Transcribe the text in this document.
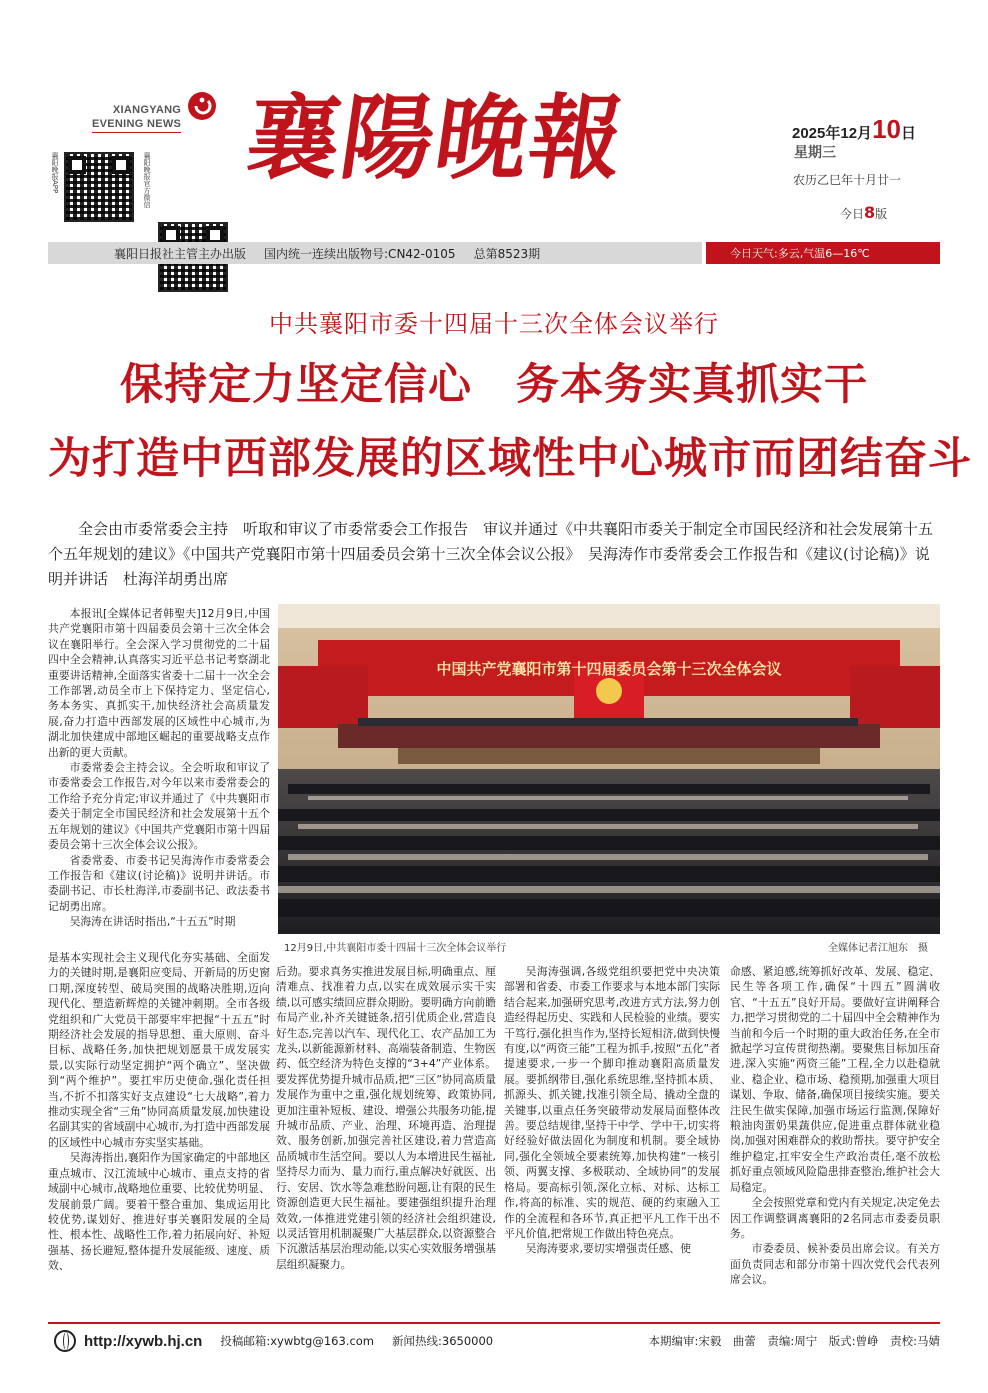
XIANGYANG
EVENING NEWS 襄陽晚報
襄阳晚报APP	襄阳晚报官方微信
2025年12月10日
星期三
农历乙巳年十月廿一
今日8版
襄阳日报社主管主办出版 国内统一连续出版物号:CN42-0105 总第8523期	今日天气:多云,气温6—16℃
中共襄阳市委十四届十三次全体会议举行
保持定力坚定信心　务本务实真抓实干
为打造中西部发展的区域性中心城市而团结奋斗
全会由市委常委会主持　听取和审议了市委常委会工作报告　审议并通过《中共襄阳市委关于制定全市国民经济和社会发展第十五个五年规划的建议》《中国共产党襄阳市第十四届委员会第十三次全体会议公报》　吴海涛作市委常委会工作报告和《建议(讨论稿)》说明并讲话　杜海洋胡勇出席

本报讯[全媒体记者韩聖夫]12月9日,中国共产党襄阳市第十四届委员会第十三次全体会议在襄阳举行。全会深入学习贯彻党的二十届四中全会精神,认真落实习近平总书记考察湖北重要讲话精神,全面落实省委十二届十一次全会工作部署,动员全市上下保持定力、坚定信心,务本务实、真抓实干,加快经济社会高质量发展,奋力打造中西部发展的区域性中心城市,为湖北加快建成中部地区崛起的重要战略支点作出新的更大贡献。

市委常委会主持会议。全会听取和审议了市委常委会工作报告,对今年以来市委常委会的工作给予充分肯定;审议并通过了《中共襄阳市委关于制定全市国民经济和社会发展第十五个五年规划的建议》《中国共产党襄阳市第十四届委员会第十三次全体会议公报》。

省委常委、市委书记吴海涛作市委常委会工作报告和《建议(讨论稿)》说明并讲话。市委副书记、市长杜海洋,市委副书记、政法委书记胡勇出席。

吴海涛在讲话时指出,“十五五”时期

是基本实现社会主义现代化夯实基础、全面发力的关键时期,是襄阳应变局、开新局的历史窗口期,深度转型、破局突围的战略决胜期,迈向现代化、塑造新辉煌的关键冲刺期。全市各级党组织和广大党员干部要牢牢把握“十五五”时期经济社会发展的指导思想、重大原则、奋斗目标、战略任务,加快把规划愿景干成发展实景,以实际行动坚定拥护“两个确立”、坚决做到“两个维护”。要扛牢历史使命,强化责任担当,不折不扣落实好支点建设“七大战略”,着力推动实现全省“三角”协同高质量发展,加快建设名副其实的省域副中心城市,为打造中西部发展的区域性中心城市夯实坚实基础。

吴海涛指出,襄阳作为国家确定的中部地区重点城市、汉江流域中心城市、重点支持的省域副中心城市,战略地位重要、比较优势明显、发展前景广阔。要着干整合重加、集成运用比较优势,谋划好、推进好事关襄阳发展的全局性、根本性、战略性工作,着力拓展向好、补短强基、扬长避短,整体提升发展能级、速度、质效、

后劲。要求真务实推进发展目标,明确重点、厘清难点、找准着力点,以实在成效展示实干实绩,以可感实绩回应群众期盼。要明确方向前瞻布局产业,补齐关键链条,招引优质企业,营造良好生态,完善以汽车、现代化工、农产品加工为龙头,以新能源新材料、高端装备制造、生物医药、低空经济为特色支撑的“3+4”产业体系。要发挥优势提升城市品质,把“三区”协同高质量发展作为重中之重,强化规划统筹、政策协同,更加注重补短板、建设、增强公共服务功能,提升城市品质、产业、治理、环境再造、治理提效、服务创新,加强完善社区建设,着力营造高品质城市生活空间。要以人为本增进民生福祉,坚持尽力而为、量力而行,重点解决好就医、出行、安居、饮水等急难愁盼问题,让有限的民生资源创造更大民生福祉。要建强组织提升治理效效,一体推进党建引领的经济社会组织建设,以灵活管用机制凝聚广大基层群众,以资源整合下沉激活基层治理动能,以实心实效服务增强基层组织凝聚力。

吴海涛强调,各级党组织要把党中央决策部署和省委、市委工作要求与本地本部门实际结合起来,加强研究思考,改进方式方法,努力创造经得起历史、实践和人民检验的业绩。要实干笃行,强化担当作为,坚持长短相济,做到快慢有度,以“两资三能”工程为抓手,按照“五化”者提速要求,一步一个脚印推动襄阳高质量发展。要抓纲带目,强化系统思维,坚持抓本质、抓源头、抓关键,找准引领全局、撬动全盘的关键事,以重点任务突破带动发展局面整体改善。要总结规律,坚持干中学、学中干,切实将好经验好做法固化为制度和机制。要全域协同,强化全领域全要素统筹,加快构建“一核引领、两翼支撑、多极联动、全域协同”的发展格局。要高标引领,深化立标、对标、达标工作,将高的标准、实的规范、硬的约束融入工作的全流程和各环节,真正把平凡工作干出不平凡价值,把常规工作做出特色亮点。

吴海涛要求,要切实增强责任感、使

命感、紧迫感,统筹抓好改革、发展、稳定、民生等各项工作,确保“十四五”圆满收官、“十五五”良好开局。要做好宣讲阐释合力,把学习贯彻党的二十届四中全会精神作为当前和今后一个时期的重大政治任务,在全市掀起学习宣传贯彻热潮。要聚焦目标加压奋进,深入实施“两资三能”工程,全力以赴稳就业、稳企业、稳市场、稳预期,加强重大项目谋划、争取、储备,确保项目接续实施。要关注民生做实保障,加强市场运行监测,保障好粮油肉蛋奶果蔬供应,促进重点群体就业稳岗,加强对困难群众的救助帮扶。要守护安全维护稳定,扛牢安全生产政治责任,毫不放松抓好重点领域风险隐患排查整治,维护社会大局稳定。

全会按照党章和党内有关规定,决定免去因工作调整调离襄阳的2名同志市委委员职务。

市委委员、候补委员出席会议。有关方面负责同志和部分市第十四次党代会代表列席会议。

中国共产党襄阳市第十四届委员会第十三次全体会议
12月9日,中共襄阳市委十四届十三次全体会议举行	全媒体记者江旭东　摄
http://xywb.hj.cn 投稿邮箱:xywbtg@163.com 新闻热线:3650000	本期编审:宋毅　曲蕾　责编:周宁　版式:曾峥　责校:马婧
